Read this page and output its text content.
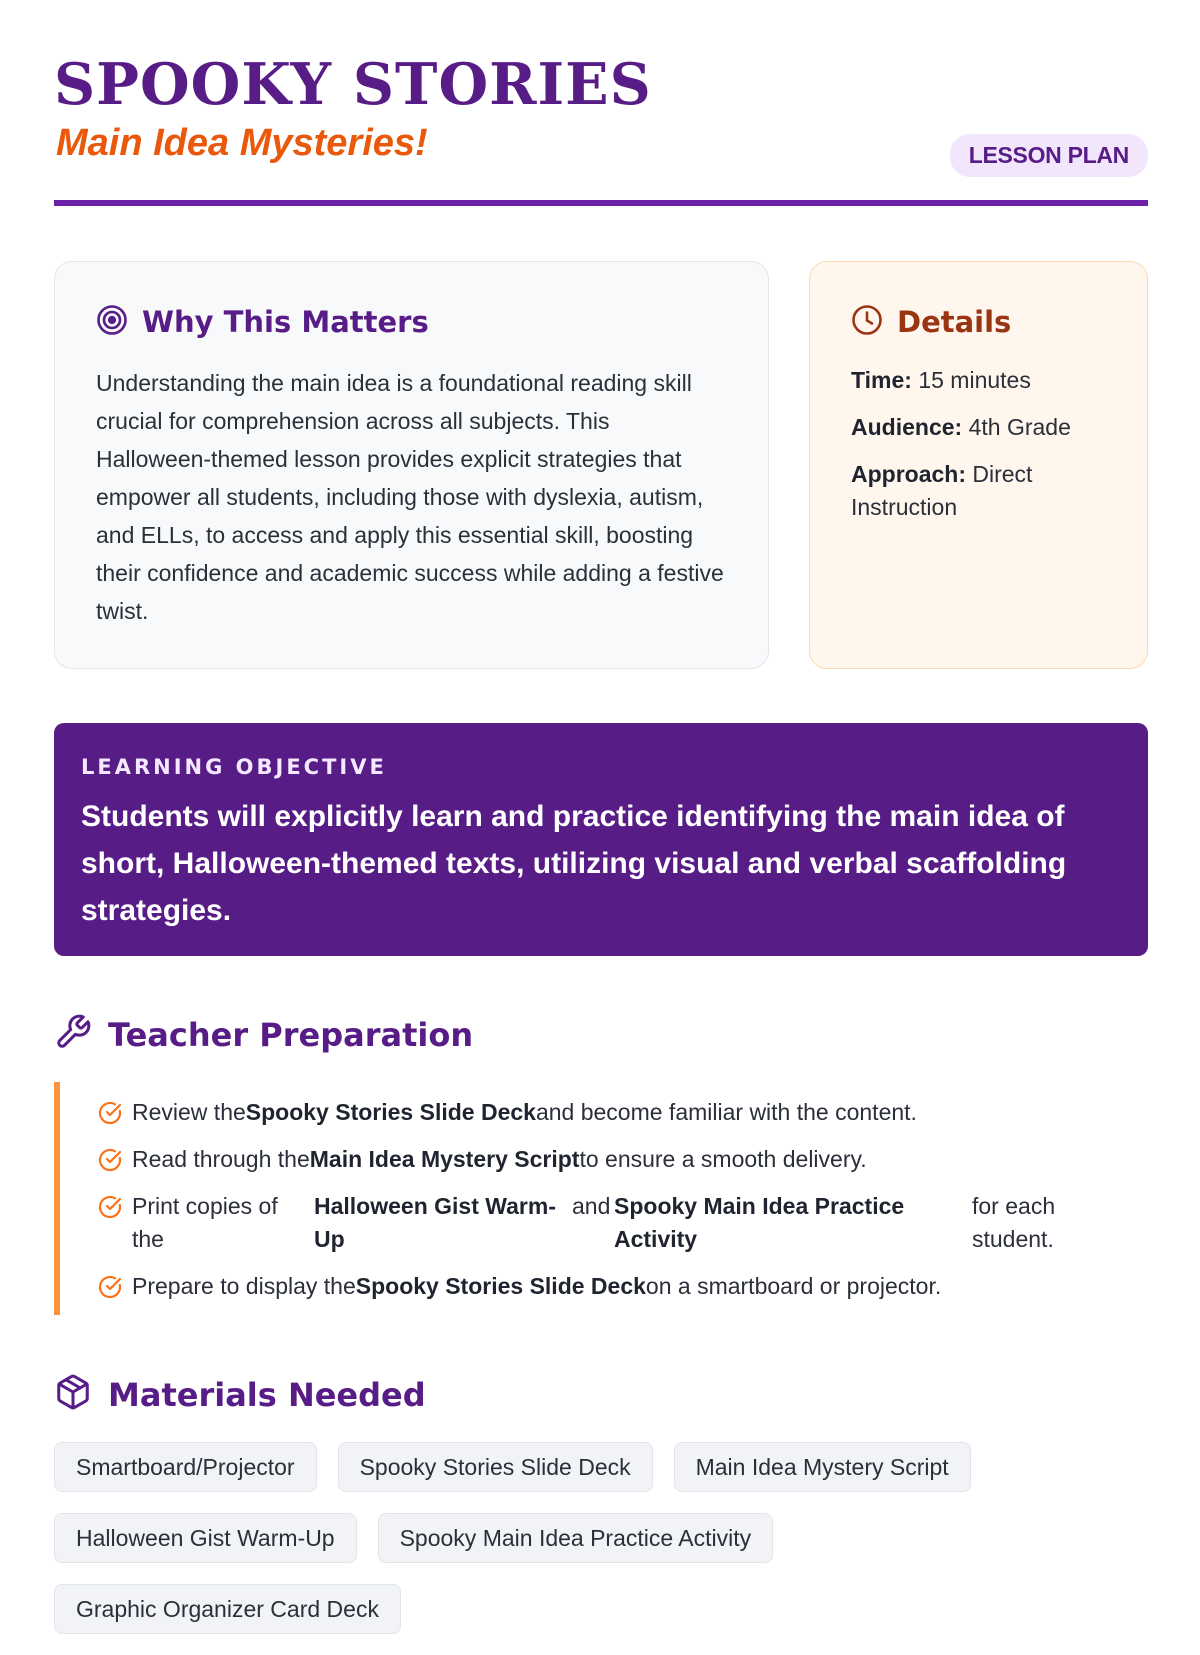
SPOOKY STORIES
Main Idea Mysteries!	LESSON PLAN
Why This Matters

Understanding the main idea is a foundational reading skill crucial for comprehension across all subjects. This Halloween-themed lesson provides explicit strategies that empower all students, including those with dyslexia, autism, and ELLs, to access and apply this essential skill, boosting their confidence and academic success while adding a festive twist.

Details
Time: 15 minutes
Audience: 4th Grade
Approach: Direct Instruction
LEARNING OBJECTIVE
Students will explicitly learn and practice identifying the main idea of short, Halloween-themed texts, utilizing visual and verbal scaffolding strategies.
Teacher Preparation
Review the Spooky Stories Slide Deck and become familiar with the content.
Read through the Main Idea Mystery Script to ensure a smooth delivery.
Print copies of the
Halloween Gist Warm-Up
and Spooky Main Idea Practice Activity
for each student.
Prepare to display the Spooky Stories Slide Deck on a smartboard or projector.
Materials Needed
Smartboard/Projector	Spooky Stories Slide Deck	Main Idea Mystery Script
Halloween Gist Warm-Up	Spooky Main Idea Practice Activity
Graphic Organizer Card Deck
